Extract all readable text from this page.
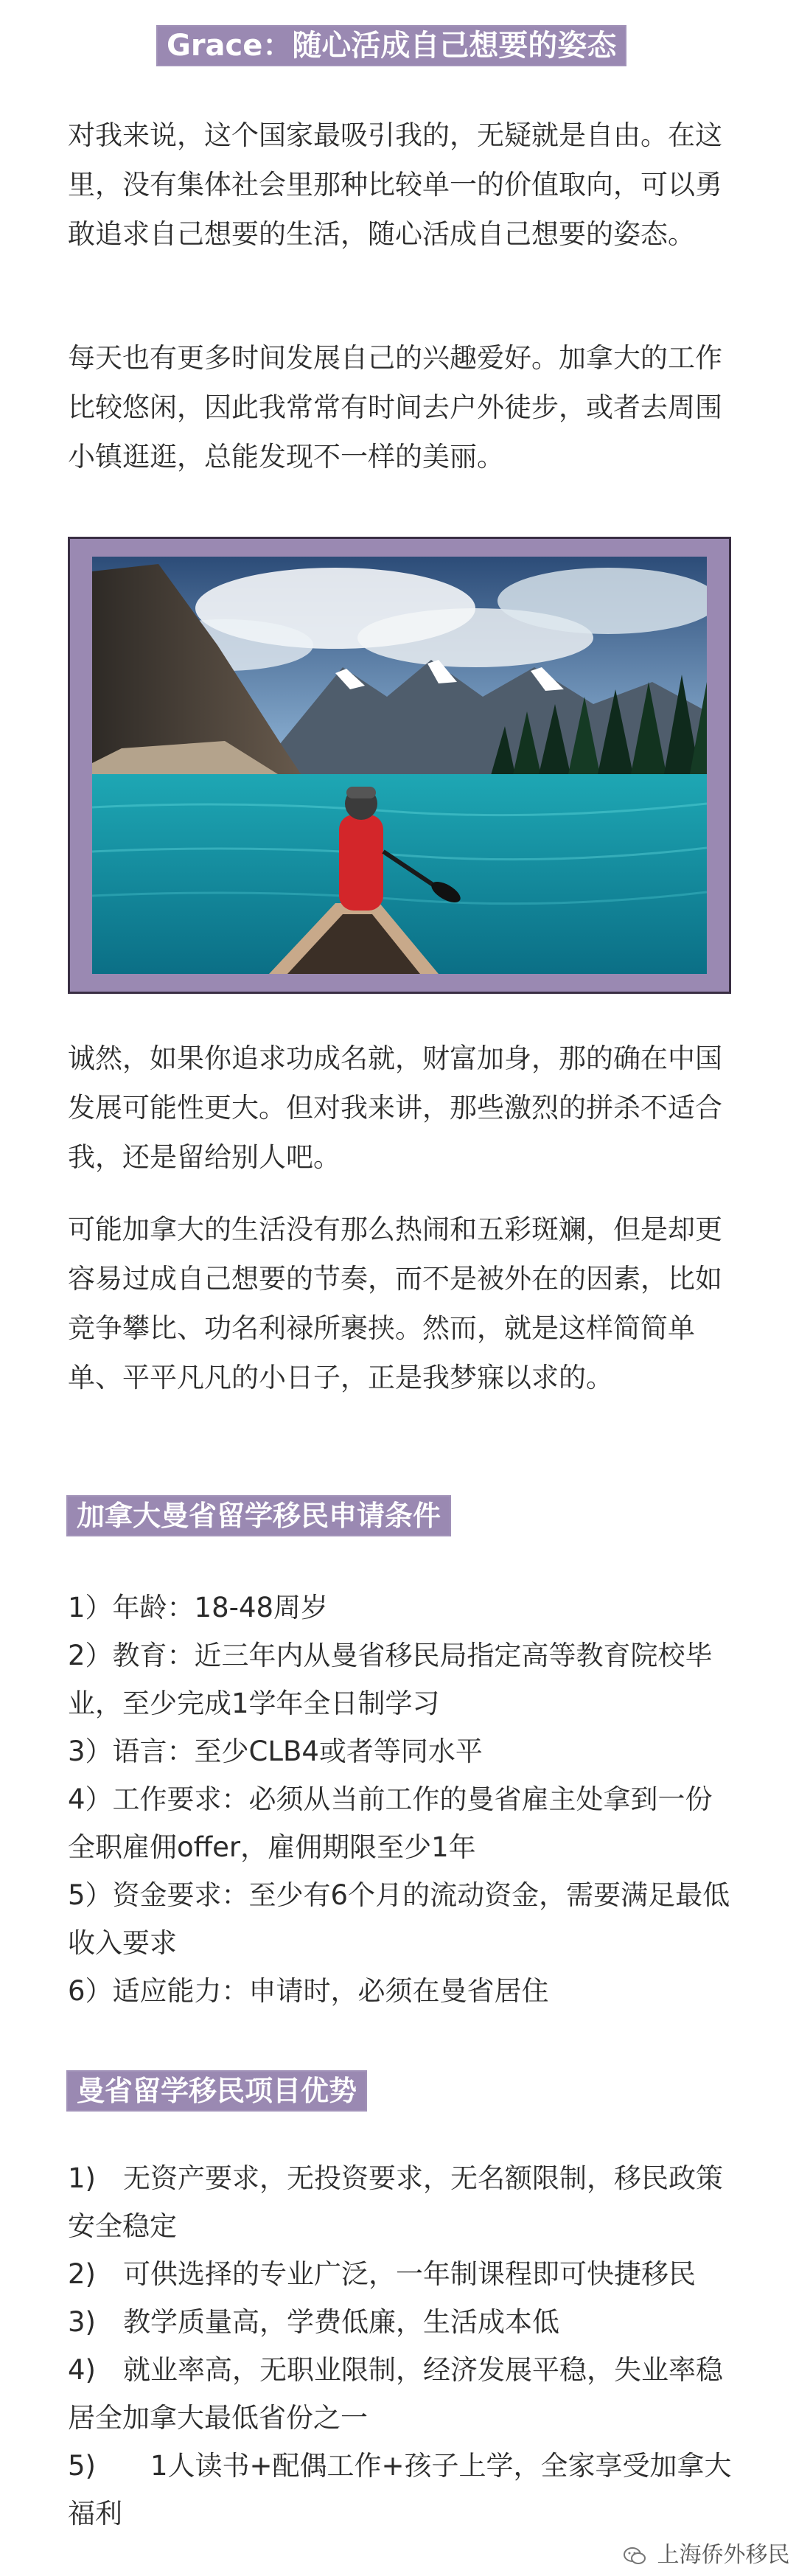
Grace：随心活成自己想要的姿态

对我来说，这个国家最吸引我的，无疑就是自由。在这里，没有集体社会里那种比较单一的价值取向，可以勇敢追求自己想要的生活，随心活成自己想要的姿态。

每天也有更多时间发展自己的兴趣爱好。加拿大的工作比较悠闲，因此我常常有时间去户外徒步，或者去周围小镇逛逛，总能发现不一样的美丽。

诚然，如果你追求功成名就，财富加身，那的确在中国发展可能性更大。但对我来讲，那些激烈的拼杀不适合我，还是留给别人吧。

可能加拿大的生活没有那么热闹和五彩斑斓，但是却更容易过成自己想要的节奏，而不是被外在的因素，比如竞争攀比、功名利禄所裹挟。然而，就是这样简简单单、平平凡凡的小日子，正是我梦寐以求的。

加拿大曼省留学移民申请条件
1）年龄：18-48周岁
2）教育：近三年内从曼省移民局指定高等教育院校毕业，至少完成1学年全日制学习
3）语言：至少CLB4或者等同水平
4）工作要求：必须从当前工作的曼省雇主处拿到一份全职雇佣offer，雇佣期限至少1年
5）资金要求：至少有6个月的流动资金，需要满足最低收入要求
6）适应能力：申请时，必须在曼省居住
曼省留学移民项目优势
1)　无资产要求，无投资要求，无名额限制，移民政策安全稳定
2)　可供选择的专业广泛，一年制课程即可快捷移民
3)　教学质量高，学费低廉，生活成本低
4)　就业率高，无职业限制，经济发展平稳，失业率稳居全加拿大最低省份之一
5)　　1人读书+配偶工作+孩子上学，全家享受加拿大福利
上海侨外移民
